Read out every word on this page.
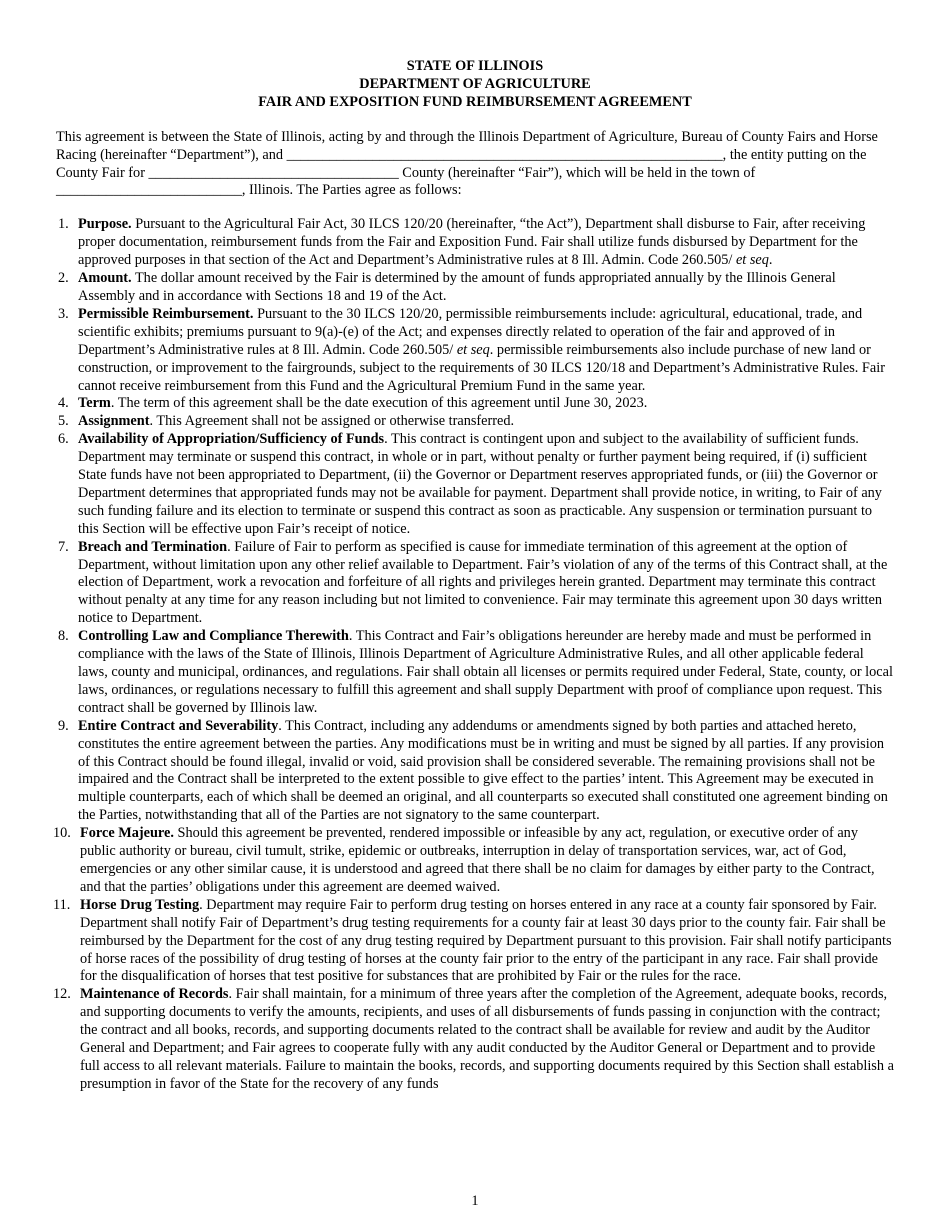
STATE OF ILLINOIS
DEPARTMENT OF AGRICULTURE
FAIR AND EXPOSITION FUND REIMBURSEMENT AGREEMENT

This agreement is between the State of Illinois, acting by and through the Illinois Department of Agriculture, Bureau of County Fairs and Horse Racing (hereinafter “Department”), and _____________________________________________________________, the entity putting on the County Fair for ___________________________________ County (hereinafter “Fair”), which will be held in the town of __________________________, Illinois. The Parties agree as follows:

1. Purpose. Pursuant to the Agricultural Fair Act, 30 ILCS 120/20 (hereinafter, “the Act”), Department shall disburse to Fair, after receiving proper documentation, reimbursement funds from the Fair and Exposition Fund. Fair shall utilize funds disbursed by Department for the approved purposes in that section of the Act and Department’s Administrative rules at 8 Ill. Admin. Code 260.505/ et seq.
2. Amount. The dollar amount received by the Fair is determined by the amount of funds appropriated annually by the Illinois General Assembly and in accordance with Sections 18 and 19 of the Act.
3. Permissible Reimbursement. Pursuant to the 30 ILCS 120/20, permissible reimbursements include: agricultural, educational, trade, and scientific exhibits; premiums pursuant to 9(a)-(e) of the Act; and expenses directly related to operation of the fair and approved of in Department’s Administrative rules at 8 Ill. Admin. Code 260.505/ et seq. permissible reimbursements also include purchase of new land or construction, or improvement to the fairgrounds, subject to the requirements of 30 ILCS 120/18 and Department’s Administrative Rules. Fair cannot receive reimbursement from this Fund and the Agricultural Premium Fund in the same year.
4. Term. The term of this agreement shall be the date execution of this agreement until June 30, 2023.
5. Assignment. This Agreement shall not be assigned or otherwise transferred.
6. Availability of Appropriation/Sufficiency of Funds. This contract is contingent upon and subject to the availability of sufficient funds. Department may terminate or suspend this contract, in whole or in part, without penalty or further payment being required, if (i) sufficient State funds have not been appropriated to Department, (ii) the Governor or Department reserves appropriated funds, or (iii) the Governor or Department determines that appropriated funds may not be available for payment. Department shall provide notice, in writing, to Fair of any such funding failure and its election to terminate or suspend this contract as soon as practicable. Any suspension or termination pursuant to this Section will be effective upon Fair’s receipt of notice.
7. Breach and Termination. Failure of Fair to perform as specified is cause for immediate termination of this agreement at the option of Department, without limitation upon any other relief available to Department. Fair’s violation of any of the terms of this Contract shall, at the election of Department, work a revocation and forfeiture of all rights and privileges herein granted. Department may terminate this contract without penalty at any time for any reason including but not limited to convenience. Fair may terminate this agreement upon 30 days written notice to Department.
8. Controlling Law and Compliance Therewith. This Contract and Fair’s obligations hereunder are hereby made and must be performed in compliance with the laws of the State of Illinois, Illinois Department of Agriculture Administrative Rules, and all other applicable federal laws, county and municipal, ordinances, and regulations. Fair shall obtain all licenses or permits required under Federal, State, county, or local laws, ordinances, or regulations necessary to fulfill this agreement and shall supply Department with proof of compliance upon request. This contract shall be governed by Illinois law.
9. Entire Contract and Severability. This Contract, including any addendums or amendments signed by both parties and attached hereto, constitutes the entire agreement between the parties. Any modifications must be in writing and must be signed by all parties. If any provision of this Contract should be found illegal, invalid or void, said provision shall be considered severable. The remaining provisions shall not be impaired and the Contract shall be interpreted to the extent possible to give effect to the parties’ intent. This Agreement may be executed in multiple counterparts, each of which shall be deemed an original, and all counterparts so executed shall constituted one agreement binding on the Parties, notwithstanding that all of the Parties are not signatory to the same counterpart.
10. Force Majeure. Should this agreement be prevented, rendered impossible or infeasible by any act, regulation, or executive order of any public authority or bureau, civil tumult, strike, epidemic or outbreaks, interruption in delay of transportation services, war, act of God, emergencies or any other similar cause, it is understood and agreed that there shall be no claim for damages by either party to the Contract, and that the parties’ obligations under this agreement are deemed waived.
11. Horse Drug Testing. Department may require Fair to perform drug testing on horses entered in any race at a county fair sponsored by Fair. Department shall notify Fair of Department’s drug testing requirements for a county fair at least 30 days prior to the county fair. Fair shall be reimbursed by the Department for the cost of any drug testing required by Department pursuant to this provision. Fair shall notify participants of horse races of the possibility of drug testing of horses at the county fair prior to the entry of the participant in any race. Fair shall provide for the disqualification of horses that test positive for substances that are prohibited by Fair or the rules for the race.
12. Maintenance of Records. Fair shall maintain, for a minimum of three years after the completion of the Agreement, adequate books, records, and supporting documents to verify the amounts, recipients, and uses of all disbursements of funds passing in conjunction with the contract; the contract and all books, records, and supporting documents related to the contract shall be available for review and audit by the Auditor General and Department; and Fair agrees to cooperate fully with any audit conducted by the Auditor General or Department and to provide full access to all relevant materials. Failure to maintain the books, records, and supporting documents required by this Section shall establish a presumption in favor of the State for the recovery of any funds
1
